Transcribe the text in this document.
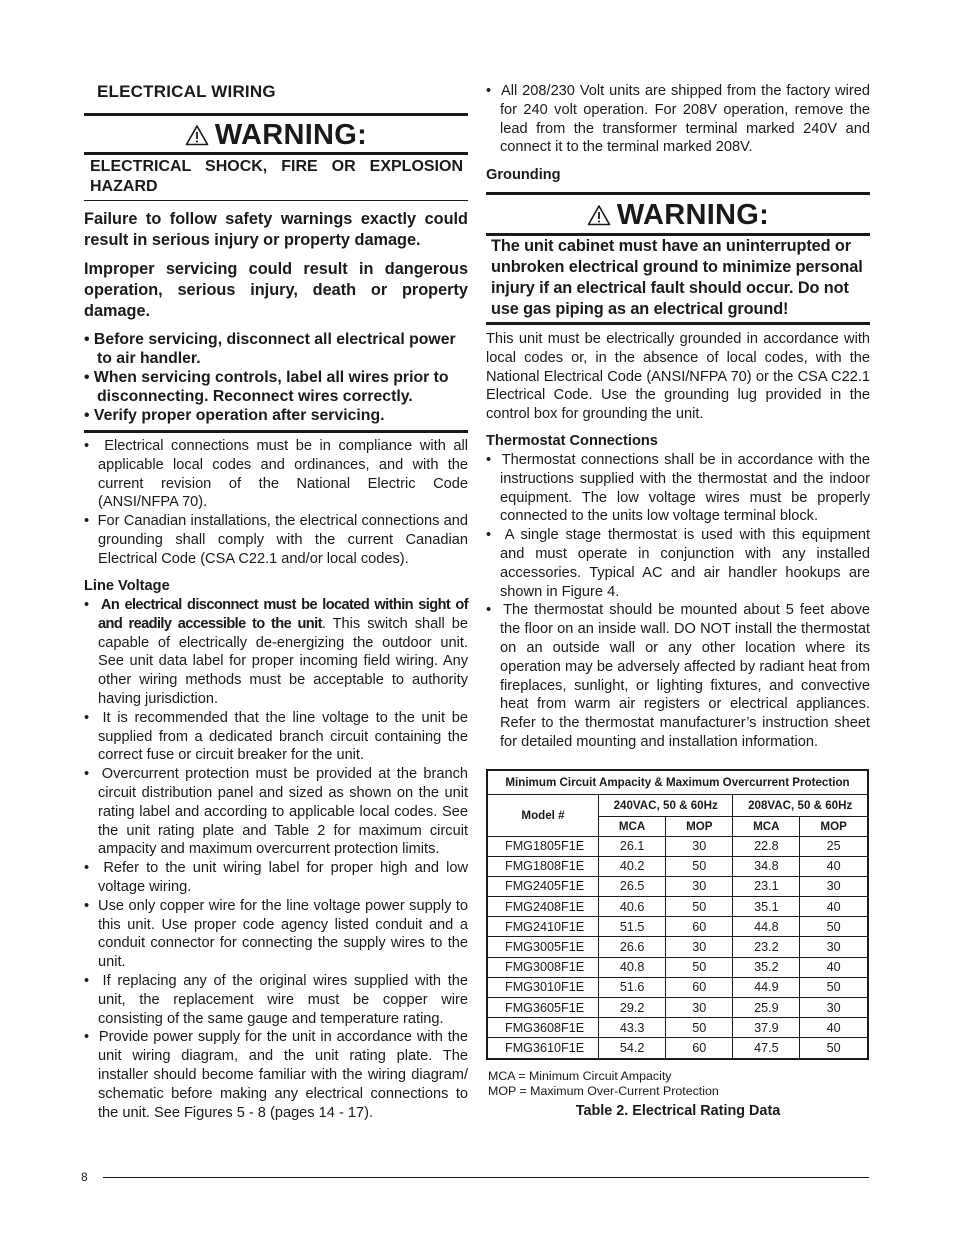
ELECTRICAL WIRING
WARNING:
ELECTRICAL SHOCK, FIRE OR EXPLOSION HAZARD

Failure to follow safety warnings exactly could result in serious injury or property damage.

Improper servicing could result in dangerous operation, serious injury, death or property damage.

• Before servicing, disconnect all electrical power to air handler.
• When servicing controls, label all wires prior to disconnecting. Reconnect wires correctly.
• Verify proper operation after servicing.
•  Electrical connections must be in compliance with all applicable local codes and ordinances, and with the current revision of the National Electric Code (ANSI/NFPA 70).
•  For Canadian installations, the electrical connections and grounding shall comply with the current Canadian Electrical Code (CSA C22.1 and/or local codes).
Line Voltage
•  An electrical disconnect must be located within sight of and readily accessible to the unit. This switch shall be capable of electrically de-energizing the outdoor unit. See unit data label for proper incoming field wiring. Any other wiring methods must be acceptable to authority having jurisdiction.
•  It is recommended that the line voltage to the unit be supplied from a dedicated branch circuit containing the correct fuse or circuit breaker for the unit.
•  Overcurrent protection must be provided at the branch circuit distribution panel and sized as shown on the unit rating label and according to applicable local codes. See the unit rating plate and Table 2 for maximum circuit ampacity and maximum overcurrent protection limits.
•  Refer to the unit wiring label for proper high and low voltage wiring.
•  Use only copper wire for the line voltage power supply to this unit. Use proper code agency listed conduit and a conduit connector for connecting the supply wires to the unit.
•  If replacing any of the original wires supplied with the unit, the replacement wire must be copper wire consisting of the same gauge and temperature rating.
•  Provide power supply for the unit in accordance with the unit wiring diagram, and the unit rating plate. The installer should become familiar with the wiring diagram/ schematic before making any electrical connections to the unit. See Figures 5 - 8 (pages 14 - 17).
•  All 208/230 Volt units are shipped from the factory wired for 240 volt operation. For 208V operation, remove the lead from the transformer terminal marked 240V and connect it to the terminal marked 208V.
Grounding
WARNING:

The unit cabinet must have an uninterrupted or unbroken electrical ground to minimize personal injury if an electrical fault should occur. Do not use gas piping as an electrical ground!

This unit must be electrically grounded in accordance with local codes or, in the absence of local codes, with the National Electrical Code (ANSI/NFPA 70) or the CSA C22.1 Electrical Code. Use the grounding lug provided in the control box for grounding the unit.

Thermostat Connections
•  Thermostat connections shall be in accordance with the instructions supplied with the thermostat and the indoor equipment. The low voltage wires must be properly connected to the units low voltage terminal block.
•  A single stage thermostat is used with this equipment and must operate in conjunction with any installed accessories. Typical AC and air handler hookups are shown in Figure 4.
•  The thermostat should be mounted about 5 feet above the floor on an inside wall. DO NOT install the thermostat on an outside wall or any other location where its operation may be adversely affected by radiant heat from fireplaces, sunlight, or lighting fixtures, and convective heat from warm air registers or electrical appliances. Refer to the thermostat manufacturer’s instruction sheet for detailed mounting and installation information.
Minimum Circuit Ampacity & Maximum Overcurrent Protection				
Model #	240VAC, 50 & 60Hz		208VAC, 50 & 60Hz	
	MCA	MOP	MCA	MOP
FMG1805F1E	26.1	30	22.8	25
FMG1808F1E	40.2	50	34.8	40
FMG2405F1E	26.5	30	23.1	30
FMG2408F1E	40.6	50	35.1	40
FMG2410F1E	51.5	60	44.8	50
FMG3005F1E	26.6	30	23.2	30
FMG3008F1E	40.8	50	35.2	40
FMG3010F1E	51.6	60	44.9	50
FMG3605F1E	29.2	30	25.9	30
FMG3608F1E	43.3	50	37.9	40
FMG3610F1E	54.2	60	47.5	50
MCA = Minimum Circuit Ampacity
MOP = Maximum Over-Current Protection
Table 2. Electrical Rating Data
8
